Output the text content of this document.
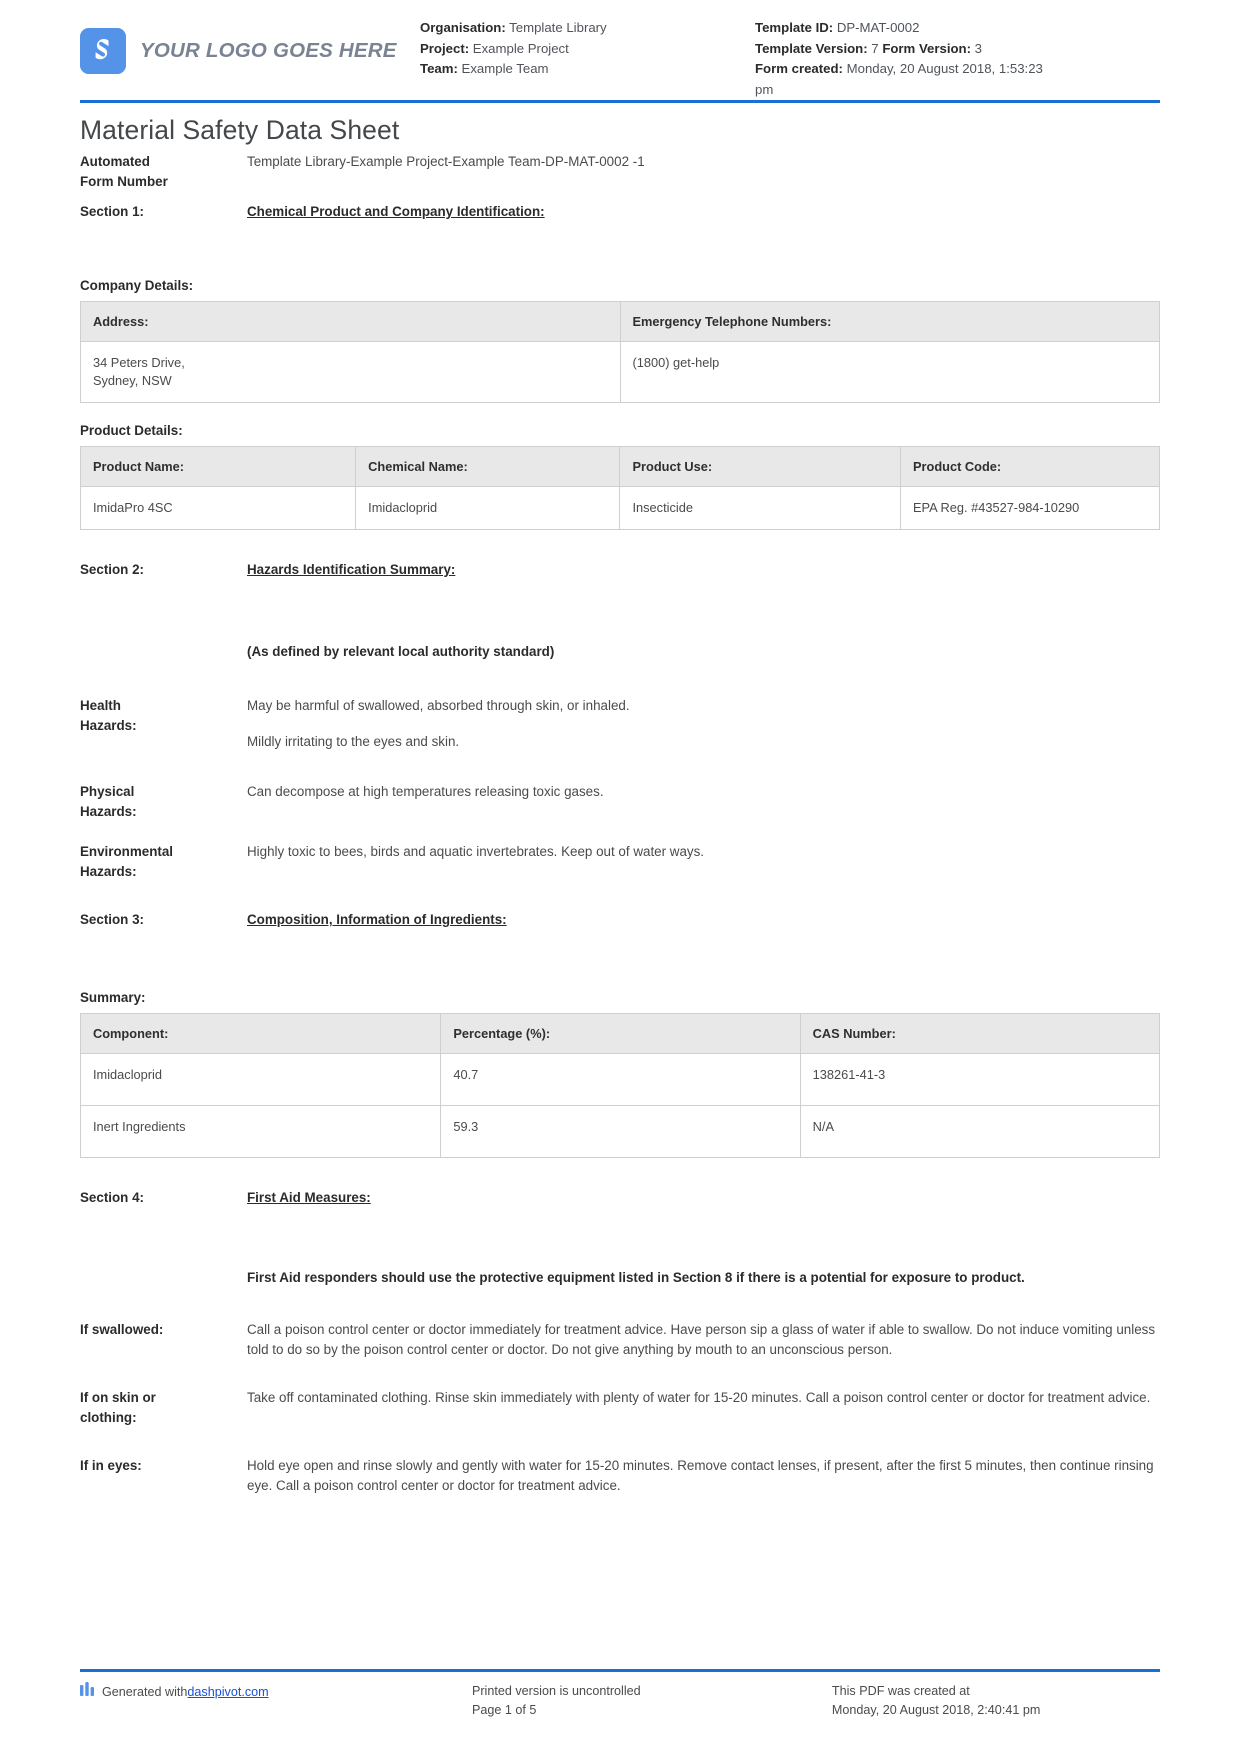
YOUR LOGO GOES HERE
Organisation: Template Library
Project: Example Project
Team: Example Team
Template ID: DP-MAT-0002
Template Version: 7 Form Version: 3
Form created: Monday, 20 August 2018, 1:53:23 pm
Material Safety Data Sheet
Automated
Form Number
Template Library-Example Project-Example Team-DP-MAT-0002 -1
Section 1:	Chemical Product and Company Identification:
Company Details:
Address:	Emergency Telephone Numbers:

34 Peters Drive,
Sydney, NSW	(1800) get-help
Product Details:
Product Name:	Chemical Name:	Product Use:	Product Code:
ImidaPro 4SC	Imidacloprid	Insecticide	EPA Reg. #43527-984-10290
Section 2:	Hazards Identification Summary:
(As defined by relevant local authority standard)
Health
Hazards:

May be harmful of swallowed, absorbed through skin, or inhaled.

Mildly irritating to the eyes and skin.

Physical
Hazards:

Can decompose at high temperatures releasing toxic gases.

Environmental
Hazards:

Highly toxic to bees, birds and aquatic invertebrates. Keep out of water ways.

Section 3:	Composition, Information of Ingredients:
Summary:
Component:	Percentage (%):	CAS Number:
Imidacloprid	40.7	138261-41-3
Inert Ingredients	59.3	N/A
Section 4:	First Aid Measures:
First Aid responders should use the protective equipment listed in Section 8 if there is a potential for exposure to product.
If swallowed:	Call a poison control center or doctor immediately for treatment advice. Have person sip a glass of water if able to swallow. Do not induce vomiting unless told to do so by the poison control center or doctor. Do not give anything by mouth to an unconscious person.
If on skin or
clothing:
Take off contaminated clothing. Rinse skin immediately with plenty of water for 15-20 minutes. Call a poison control center or doctor for treatment advice.
If in eyes:	Hold eye open and rinse slowly and gently with water for 15-20 minutes. Remove contact lenses, if present, after the first 5 minutes, then continue rinsing eye. Call a poison control center or doctor for treatment advice.
Generated with dashpivot.com	Printed version is uncontrolled
Page 1 of 5
This PDF was created at
Monday, 20 August 2018, 2:40:41 pm
